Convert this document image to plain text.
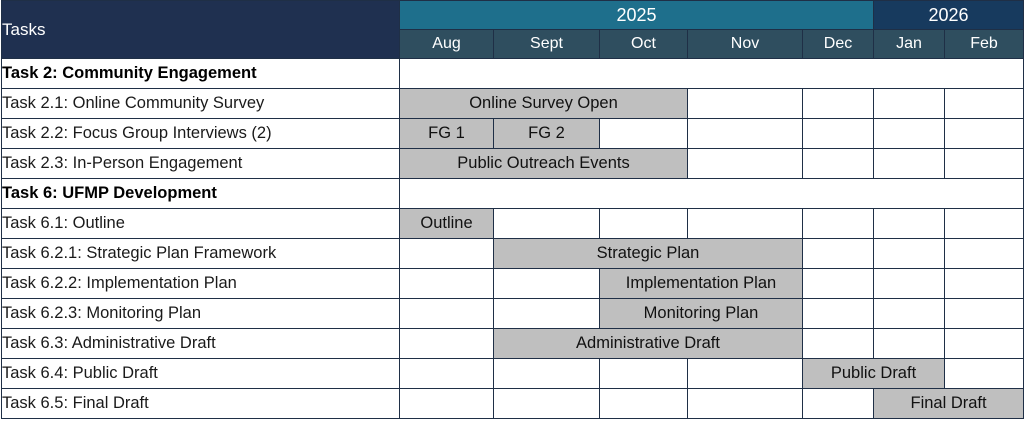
Tasks	2025					2026	
	Aug	Sept	Oct	Nov	Dec	Jan	Feb
Task 2: Community Engagement							
Task 2.1: Online Community Survey	Online Survey Open						
Task 2.2: Focus Group Interviews (2)	FG 1	FG 2					
Task 2.3: In-Person Engagement	Public Outreach Events						
Task 6: UFMP Development							
Task 6.1: Outline	Outline						
Task 6.2.1: Strategic Plan Framework		Strategic Plan					
Task 6.2.2: Implementation Plan			Implementation Plan				
Task 6.2.3: Monitoring Plan			Monitoring Plan				
Task 6.3: Administrative Draft		Administrative Draft					
Task 6.4: Public Draft					Public Draft		
Task 6.5: Final Draft						Final Draft	
